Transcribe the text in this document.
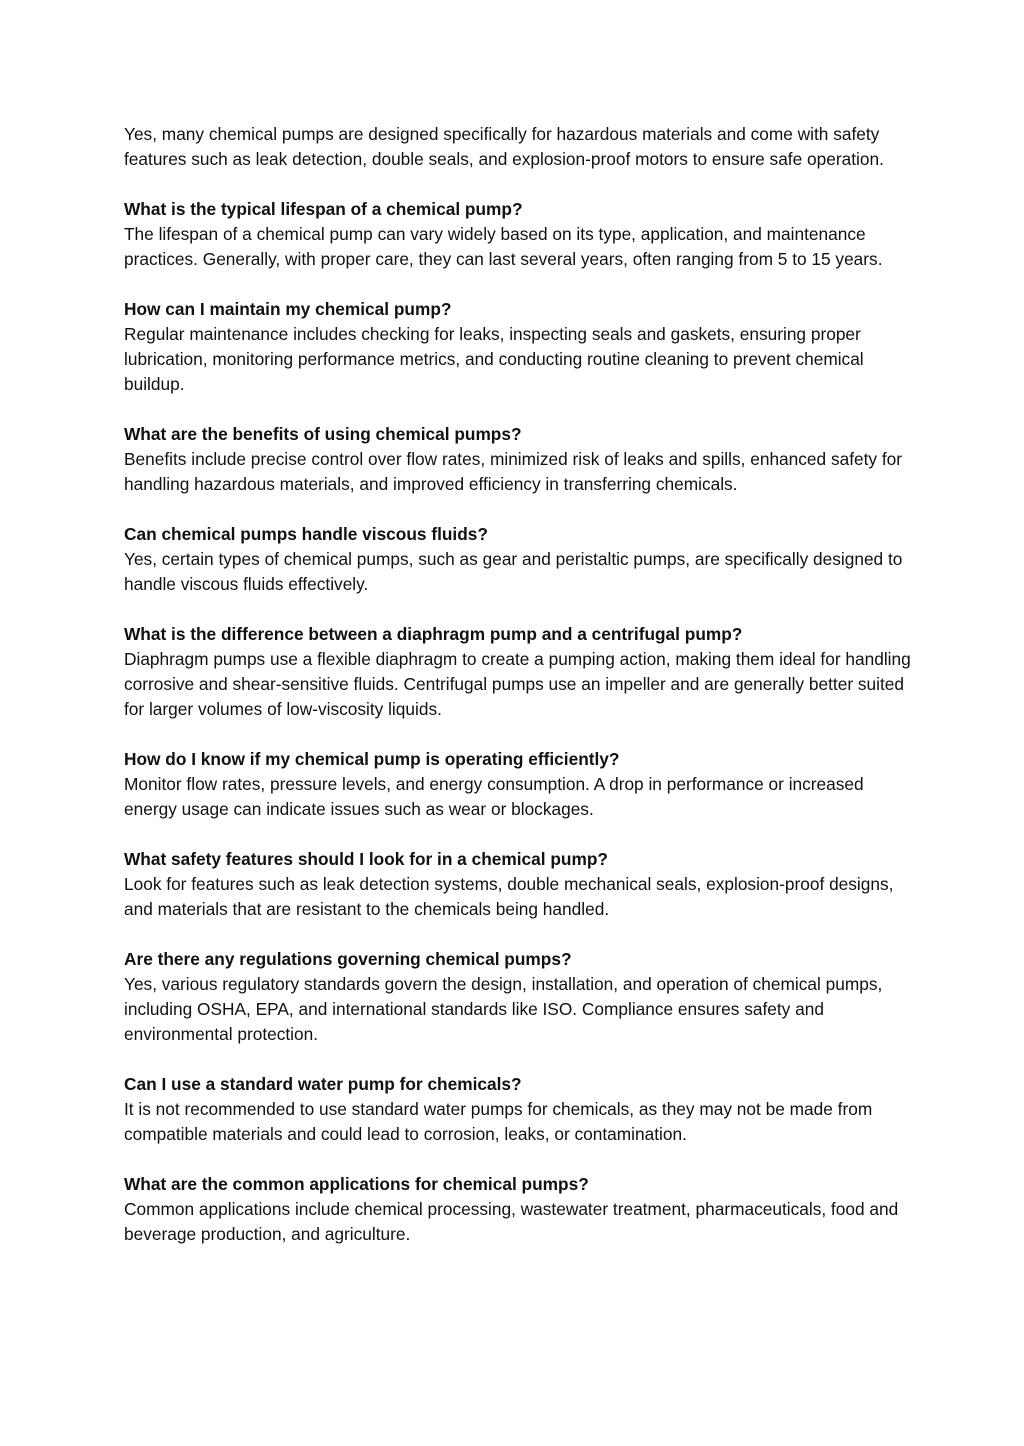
Yes, many chemical pumps are designed specifically for hazardous materials and come with safety features such as leak detection, double seals, and explosion-proof motors to ensure safe operation.

What is the typical lifespan of a chemical pump?
The lifespan of a chemical pump can vary widely based on its type, application, and maintenance practices. Generally, with proper care, they can last several years, often ranging from 5 to 15 years.
How can I maintain my chemical pump?
Regular maintenance includes checking for leaks, inspecting seals and gaskets, ensuring proper lubrication, monitoring performance metrics, and conducting routine cleaning to prevent chemical buildup.
What are the benefits of using chemical pumps?
Benefits include precise control over flow rates, minimized risk of leaks and spills, enhanced safety for handling hazardous materials, and improved efficiency in transferring chemicals.
Can chemical pumps handle viscous fluids?
Yes, certain types of chemical pumps, such as gear and peristaltic pumps, are specifically designed to handle viscous fluids effectively.
What is the difference between a diaphragm pump and a centrifugal pump?
Diaphragm pumps use a flexible diaphragm to create a pumping action, making them ideal for handling corrosive and shear-sensitive fluids. Centrifugal pumps use an impeller and are generally better suited for larger volumes of low-viscosity liquids.
How do I know if my chemical pump is operating efficiently?
Monitor flow rates, pressure levels, and energy consumption. A drop in performance or increased energy usage can indicate issues such as wear or blockages.
What safety features should I look for in a chemical pump?
Look for features such as leak detection systems, double mechanical seals, explosion-proof designs, and materials that are resistant to the chemicals being handled.
Are there any regulations governing chemical pumps?
Yes, various regulatory standards govern the design, installation, and operation of chemical pumps, including OSHA, EPA, and international standards like ISO. Compliance ensures safety and environmental protection.
Can I use a standard water pump for chemicals?
It is not recommended to use standard water pumps for chemicals, as they may not be made from compatible materials and could lead to corrosion, leaks, or contamination.
What are the common applications for chemical pumps?
Common applications include chemical processing, wastewater treatment, pharmaceuticals, food and beverage production, and agriculture.
